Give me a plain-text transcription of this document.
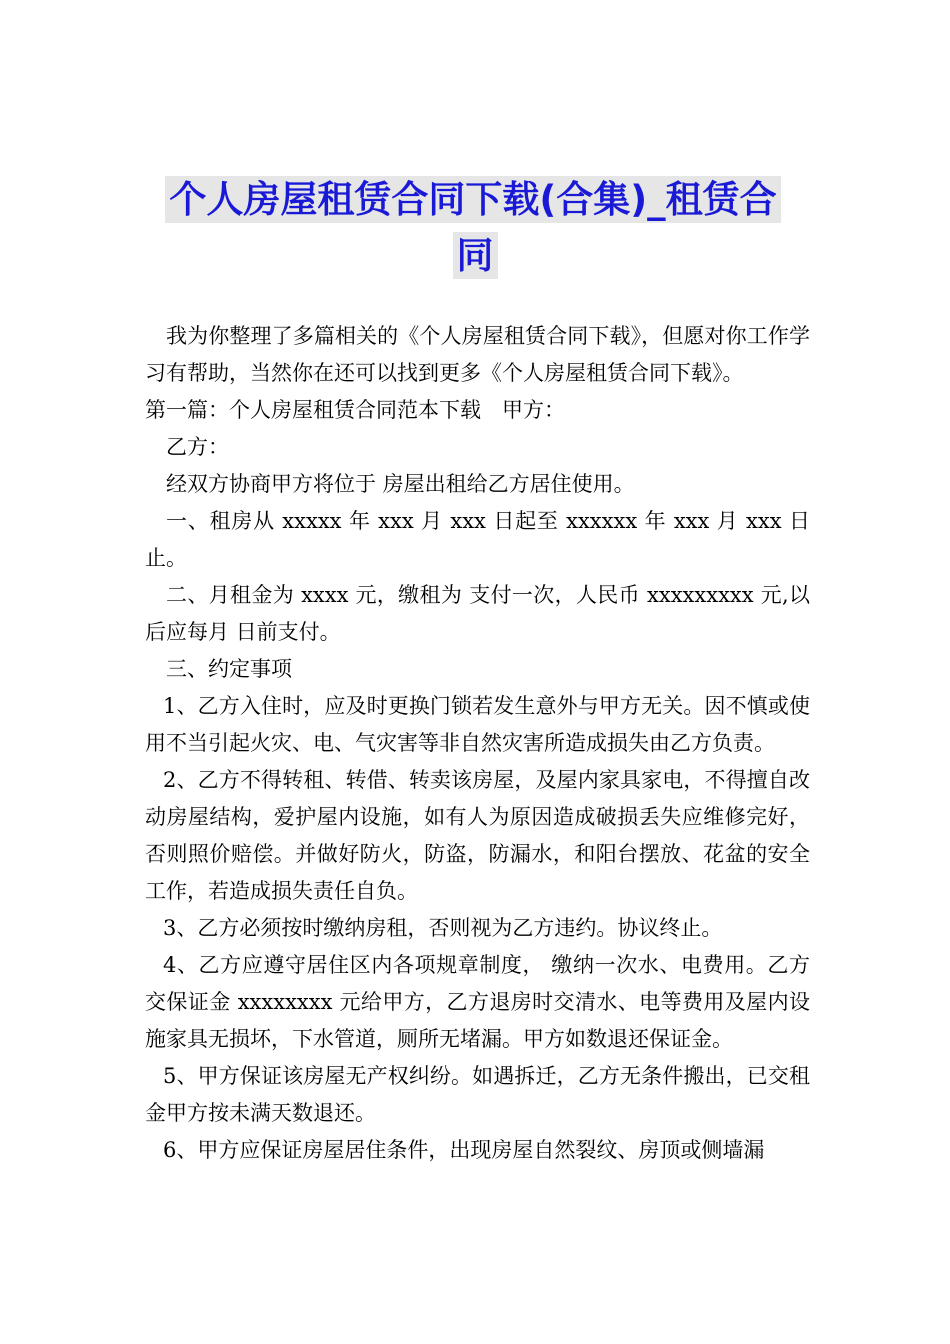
个人房屋租赁合同下载(合集)_租赁合同

我为你整理了多篇相关的《个人房屋租赁合同下载》，但愿对你工作学习有帮助，当然你在还可以找到更多《个人房屋租赁合同下载》。

第一篇：个人房屋租赁合同范本下载　甲方：

乙方：

经双方协商甲方将位于 房屋出租给乙方居住使用。

一、租房从 xxxxx 年 xxx 月 xxx 日起至 xxxxxx 年 xxx 月 xxx 日止。

二、月租金为 xxxx 元，缴租为 支付一次，人民币 xxxxxxxxx 元,以后应每月 日前支付。

三、约定事项

1、乙方入住时，应及时更换门锁若发生意外与甲方无关。因不慎或使用不当引起火灾、电、气灾害等非自然灾害所造成损失由乙方负责。

2、乙方不得转租、转借、转卖该房屋，及屋内家具家电，不得擅自改动房屋结构，爱护屋内设施，如有人为原因造成破损丢失应维修完好，否则照价赔偿。并做好防火，防盗，防漏水，和阳台摆放、花盆的安全工作，若造成损失责任自负。

3、乙方必须按时缴纳房租，否则视为乙方违约。协议终止。

4、乙方应遵守居住区内各项规章制度， 缴纳一次水、电费用。乙方交保证金 xxxxxxxx 元给甲方，乙方退房时交清水、电等费用及屋内设施家具无损坏，下水管道，厕所无堵漏。甲方如数退还保证金。

5、甲方保证该房屋无产权纠纷。如遇拆迁，乙方无条件搬出，已交租金甲方按未满天数退还。

6、甲方应保证房屋居住条件，出现房屋自然裂纹、房顶或侧墙漏
